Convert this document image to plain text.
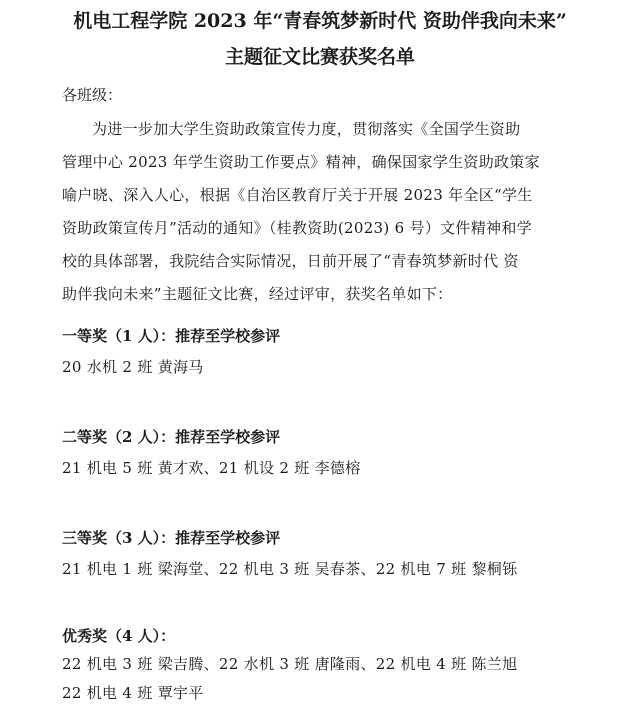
机电工程学院 2023 年“青春筑梦新时代 资助伴我向未来”
主题征文比赛获奖名单
各班级：
为进一步加大学生资助政策宣传力度，贯彻落实《全国学生资助
管理中心 2023 年学生资助工作要点》精神，确保国家学生资助政策家
喻户晓、深入人心，根据《自治区教育厅关于开展 2023 年全区“学生
资助政策宣传月”活动的通知》（桂教资助(2023) 6 号）文件精神和学
校的具体部署，我院结合实际情况，日前开展了“青春筑梦新时代 资
助伴我向未来”主题征文比赛，经过评审，获奖名单如下：
一等奖（1 人）：推荐至学校参评
20 水机 2 班 黄海马
二等奖（2 人）：推荐至学校参评
21 机电 5 班 黄才欢、21 机设 2 班 李德榕
三等奖（3 人）：推荐至学校参评
21 机电 1 班 梁海堂、22 机电 3 班 吴春茶、22 机电 7 班 黎桐铄
优秀奖（4 人）：
22 机电 3 班 梁吉腾、22 水机 3 班 唐隆雨、22 机电 4 班 陈兰旭
22 机电 4 班 覃宇平
